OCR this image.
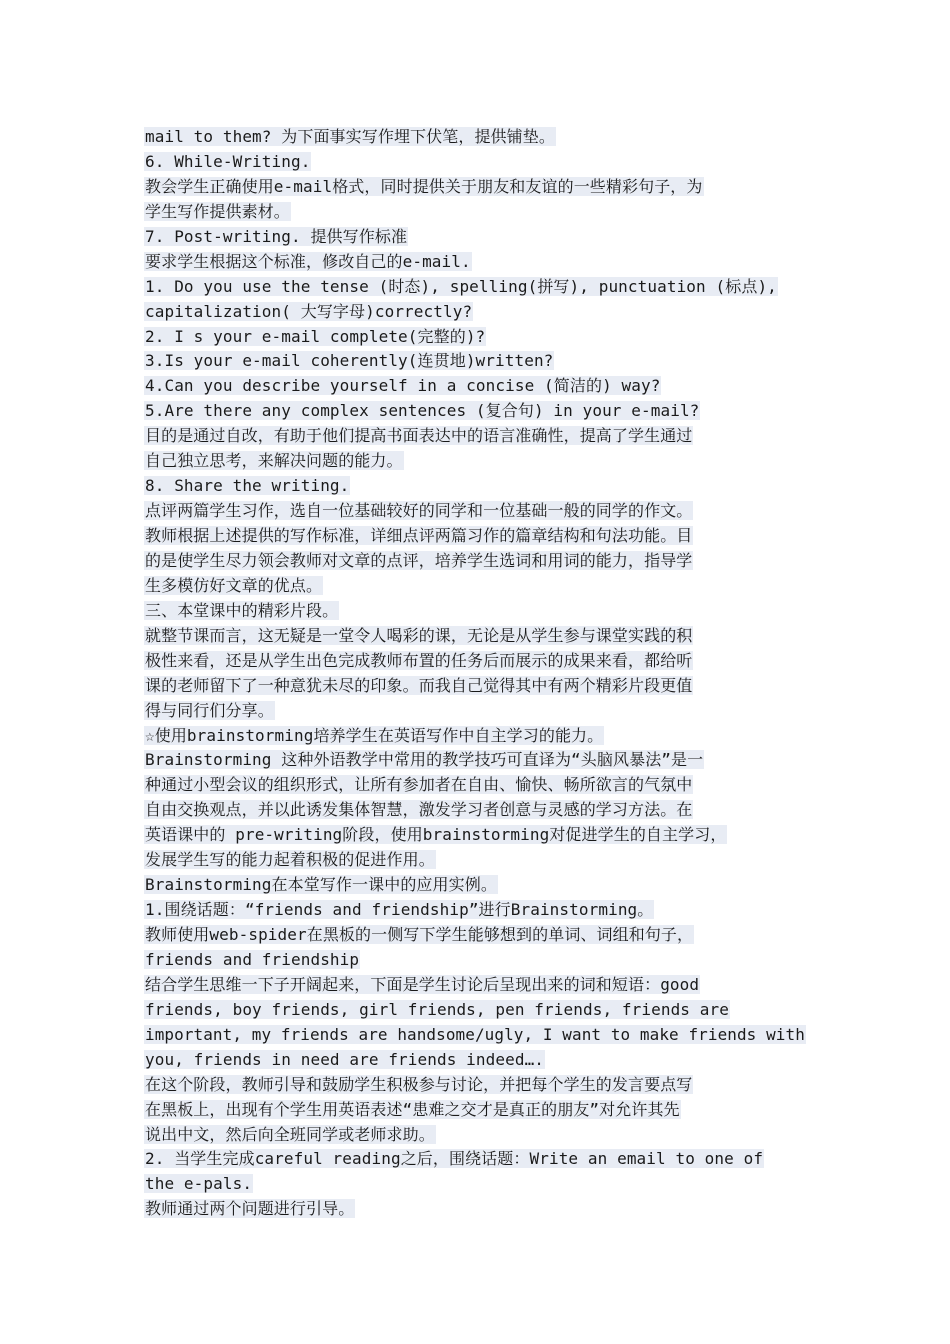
mail to them? 为下面事实写作埋下伏笔，提供铺垫。
6. While-Writing.
教会学生正确使用e-mail格式，同时提供关于朋友和友谊的一些精彩句子，为
学生写作提供素材。
7. Post-writing. 提供写作标准
要求学生根据这个标准，修改自己的e-mail.
1. Do you use the tense (时态), spelling(拼写), punctuation (标点),
capitalization( 大写字母)correctly?
2. I s your e-mail complete(完整的)?
3.Is your e-mail coherently(连贯地)written?
4.Can you describe yourself in a concise (简洁的) way?
5.Are there any complex sentences (复合句) in your e-mail?
目的是通过自改，有助于他们提高书面表达中的语言准确性，提高了学生通过
自己独立思考，来解决问题的能力。
8. Share the writing.
点评两篇学生习作，选自一位基础较好的同学和一位基础一般的同学的作文。
教师根据上述提供的写作标准，详细点评两篇习作的篇章结构和句法功能。目
的是使学生尽力领会教师对文章的点评，培养学生选词和用词的能力，指导学
生多模仿好文章的优点。
三、本堂课中的精彩片段。
就整节课而言，这无疑是一堂令人喝彩的课，无论是从学生参与课堂实践的积
极性来看，还是从学生出色完成教师布置的任务后而展示的成果来看，都给听
课的老师留下了一种意犹未尽的印象。而我自己觉得其中有两个精彩片段更值
得与同行们分享。
☆使用brainstorming培养学生在英语写作中自主学习的能力。
Brainstorming 这种外语教学中常用的教学技巧可直译为“头脑风暴法”是一
种通过小型会议的组织形式，让所有参加者在自由、愉快、畅所欲言的气氛中
自由交换观点，并以此诱发集体智慧，激发学习者创意与灵感的学习方法。在
英语课中的 pre-writing阶段，使用brainstorming对促进学生的自主学习，
发展学生写的能力起着积极的促进作用。
Brainstorming在本堂写作一课中的应用实例。
1.围绕话题：“friends and friendship”进行Brainstorming。
教师使用web-spider在黑板的一侧写下学生能够想到的单词、词组和句子，
friends and friendship
结合学生思维一下子开阔起来，下面是学生讨论后呈现出来的词和短语：good
friends, boy friends, girl friends, pen friends, friends are
important, my friends are handsome/ugly, I want to make friends with
you, friends in need are friends indeed….
在这个阶段，教师引导和鼓励学生积极参与讨论，并把每个学生的发言要点写
在黑板上，出现有个学生用英语表述“患难之交才是真正的朋友”对允许其先
说出中文，然后向全班同学或老师求助。
2. 当学生完成careful reading之后，围绕话题：Write an email to one of
the e-pals.
教师通过两个问题进行引导。
